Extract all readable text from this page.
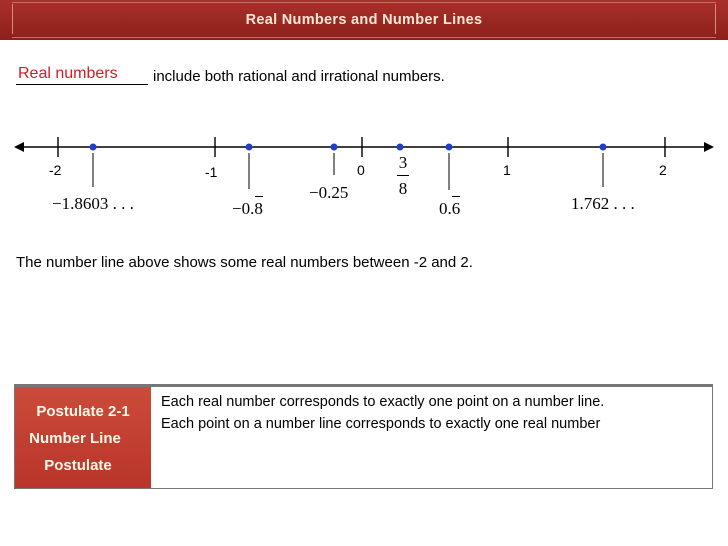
Real Numbers and Number Lines
Real numbers include both rational and irrational numbers.
-2	-1	0	1	2
−1.8603 . . .	−0.8
−0.25
3
8
0.6	1.762 . . .
The number line above shows some real numbers between -2 and 2.
Postulate 2-1
Number Line
Postulate
Each real number corresponds to exactly one point on a number line.
Each point on a number line corresponds to exactly one real number
